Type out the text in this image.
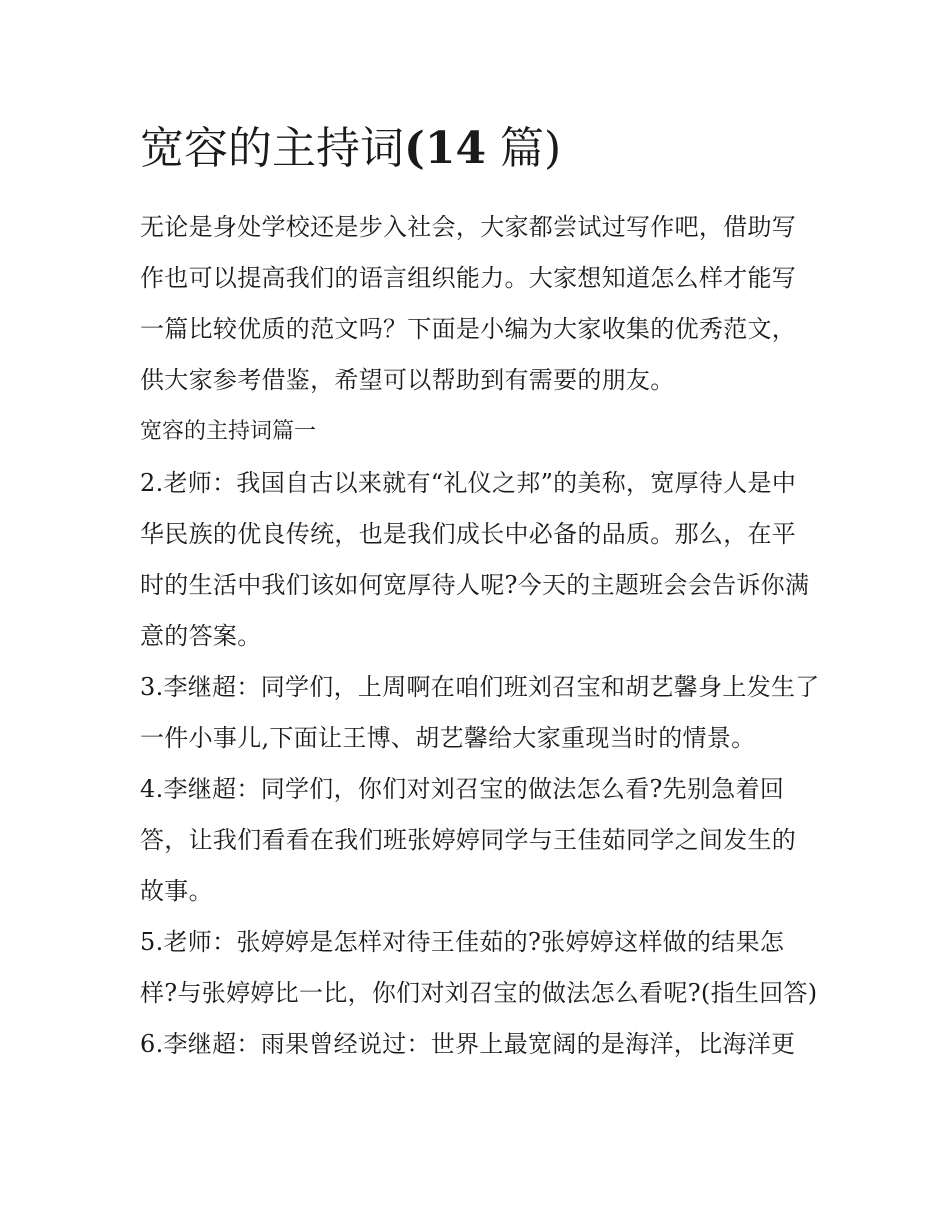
宽容的主持词(14 篇)

无论是身处学校还是步入社会，大家都尝试过写作吧，借助写作也可以提高我们的语言组织能力。大家想知道怎么样才能写一篇比较优质的范文吗？下面是小编为大家收集的优秀范文，供大家参考借鉴，希望可以帮助到有需要的朋友。

宽容的主持词篇一

2.老师：我国自古以来就有“礼仪之邦”的美称，宽厚待人是中华民族的优良传统，也是我们成长中必备的品质。那么，在平时的生活中我们该如何宽厚待人呢?今天的主题班会会告诉你满意的答案。

3.李继超：同学们，上周啊在咱们班刘召宝和胡艺馨身上发生了一件小事儿,下面让王博、胡艺馨给大家重现当时的情景。

4.李继超：同学们，你们对刘召宝的做法怎么看?先别急着回答，让我们看看在我们班张婷婷同学与王佳茹同学之间发生的故事。

5.老师：张婷婷是怎样对待王佳茹的?张婷婷这样做的结果怎样?与张婷婷比一比，你们对刘召宝的做法怎么看呢?(指生回答)

6.李继超：雨果曾经说过：世界上最宽阔的是海洋，比海洋更
